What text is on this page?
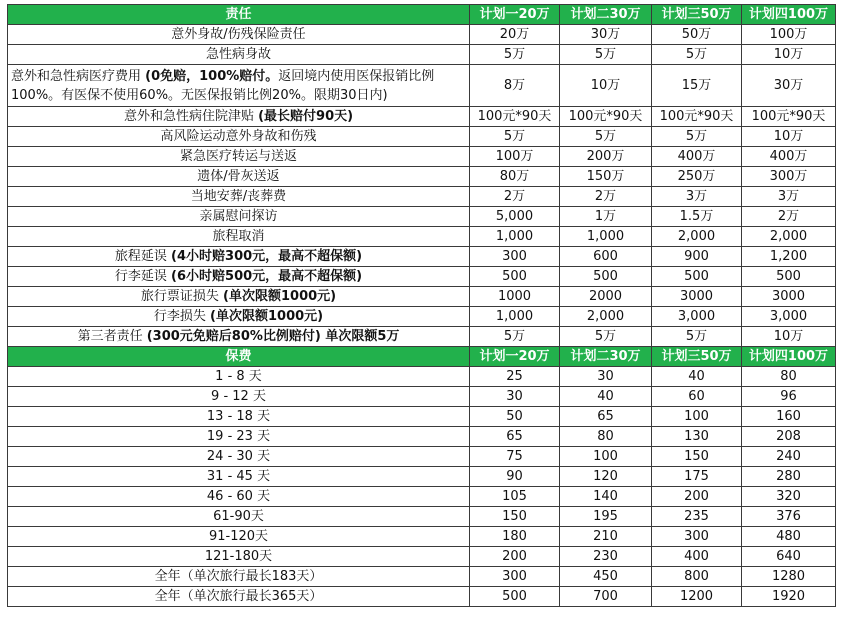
责任	计划一20万	计划二30万	计划三50万	计划四100万
意外身故/伤残保险责任	20万	30万	50万	100万
急性病身故	5万	5万	5万	10万
意外和急性病医疗费用 (0免赔，100%赔付。返回境内使用医保报销比例100%。有医保不使用60%。无医保报销比例20%。限期30日内)	8万	10万	15万	30万
意外和急性病住院津贴 (最长赔付90天)	100元*90天	100元*90天	100元*90天	100元*90天
高风险运动意外身故和伤残	5万	5万	5万	10万
紧急医疗转运与送返	100万	200万	400万	400万
遗体/骨灰送返	80万	150万	250万	300万
当地安葬/丧葬费	2万	2万	3万	3万
亲属慰问探访	5,000	1万	1.5万	2万
旅程取消	1,000	1,000	2,000	2,000
旅程延误 (4小时赔300元，最高不超保额)	300	600	900	1,200
行李延误 (6小时赔500元，最高不超保额)	500	500	500	500
旅行票证损失 (单次限额1000元)	1000	2000	3000	3000
行李损失 (单次限额1000元)	1,000	2,000	3,000	3,000
第三者责任 (300元免赔后80%比例赔付) 单次限额5万	5万	5万	5万	10万
保费	计划一20万	计划二30万	计划三50万	计划四100万
1 - 8 天	25	30	40	80
9 - 12 天	30	40	60	96
13 - 18 天	50	65	100	160
19 - 23 天	65	80	130	208
24 - 30 天	75	100	150	240
31 - 45 天	90	120	175	280
46 - 60 天	105	140	200	320
61-90天	150	195	235	376
91-120天	180	210	300	480
121-180天	200	230	400	640
全年（单次旅行最长183天）	300	450	800	1280
全年（单次旅行最长365天）	500	700	1200	1920
